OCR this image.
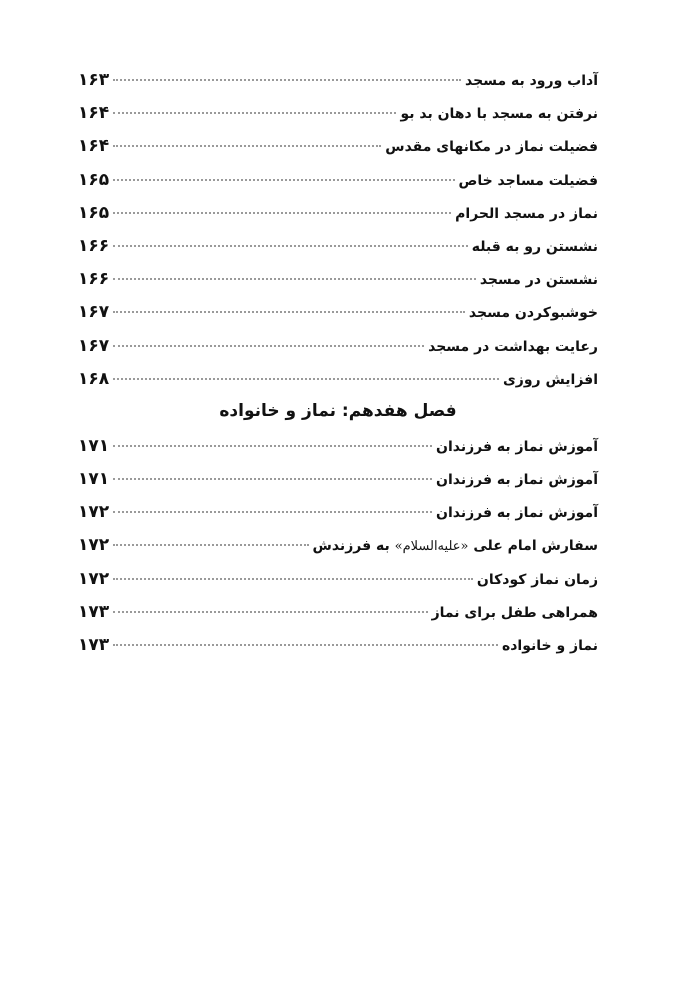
آداب ورود به مسجد
۱۶۳
نرفتن به مسجد با دهان بد بو
۱۶۴
فضیلت نماز در مکانهای مقدس
۱۶۴
فضیلت مساجد خاص
۱۶۵
نماز در مسجد الحرام
۱۶۵
نشستن رو به قبله
۱۶۶
نشستن در مسجد
۱۶۶
خوشبوکردن مسجد
۱۶۷
رعایت بهداشت در مسجد
۱۶۷
افزایش روزی
۱۶۸
فصل هفدهم: نماز و خانواده
آموزش نماز به فرزندان
۱۷۱
آموزش نماز به فرزندان
۱۷۱
آموزش نماز به فرزندان
۱۷۲
سفارش امام علی «علیه‌السلام» به فرزندش
۱۷۲
زمان نماز کودکان
۱۷۲
همراهی طفل برای نماز
۱۷۳
نماز و خانواده
۱۷۳
